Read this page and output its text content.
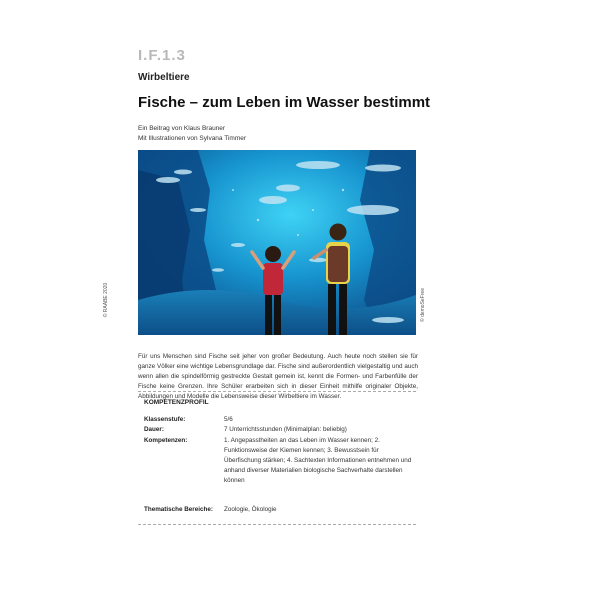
I.F.1.3
Wirbeltiere
Fische – zum Leben im Wasser bestimmt
Ein Beitrag von Klaus Brauner
Mit Illustrationen von Sylvana Timmer
© RAABE 2020	© demoSeFree
Für uns Menschen sind Fische seit jeher von großer Bedeutung. Auch heute noch stellen sie für ganze Völker eine wichtige Lebensgrundlage dar. Fische sind außerordentlich vielgestaltig und auch wenn allen die spindelförmig gestreckte Gestalt gemein ist, kennt die Formen- und Farbenfülle der Fische keine Grenzen. Ihre Schüler erarbeiten sich in dieser Einheit mithilfe originaler Objekte, Abbildungen und Modelle die Lebensweise dieser Wirbeltiere im Wasser.
KOMPETENZPROFIL
Klassenstufe:	5/6
Dauer:	7 Unterrichtsstunden (Minimalplan: beliebig)
Kompetenzen:	1. Angepasstheiten an das Leben im Wasser kennen; 2. Funktionsweise der Kiemen kennen; 3. Bewusstsein für Überfischung stärken; 4. Sachtexten Informationen entnehmen und anhand diverser Materialien biologische Sachverhalte darstellen können
Thematische Bereiche:	Zoologie, Ökologie
